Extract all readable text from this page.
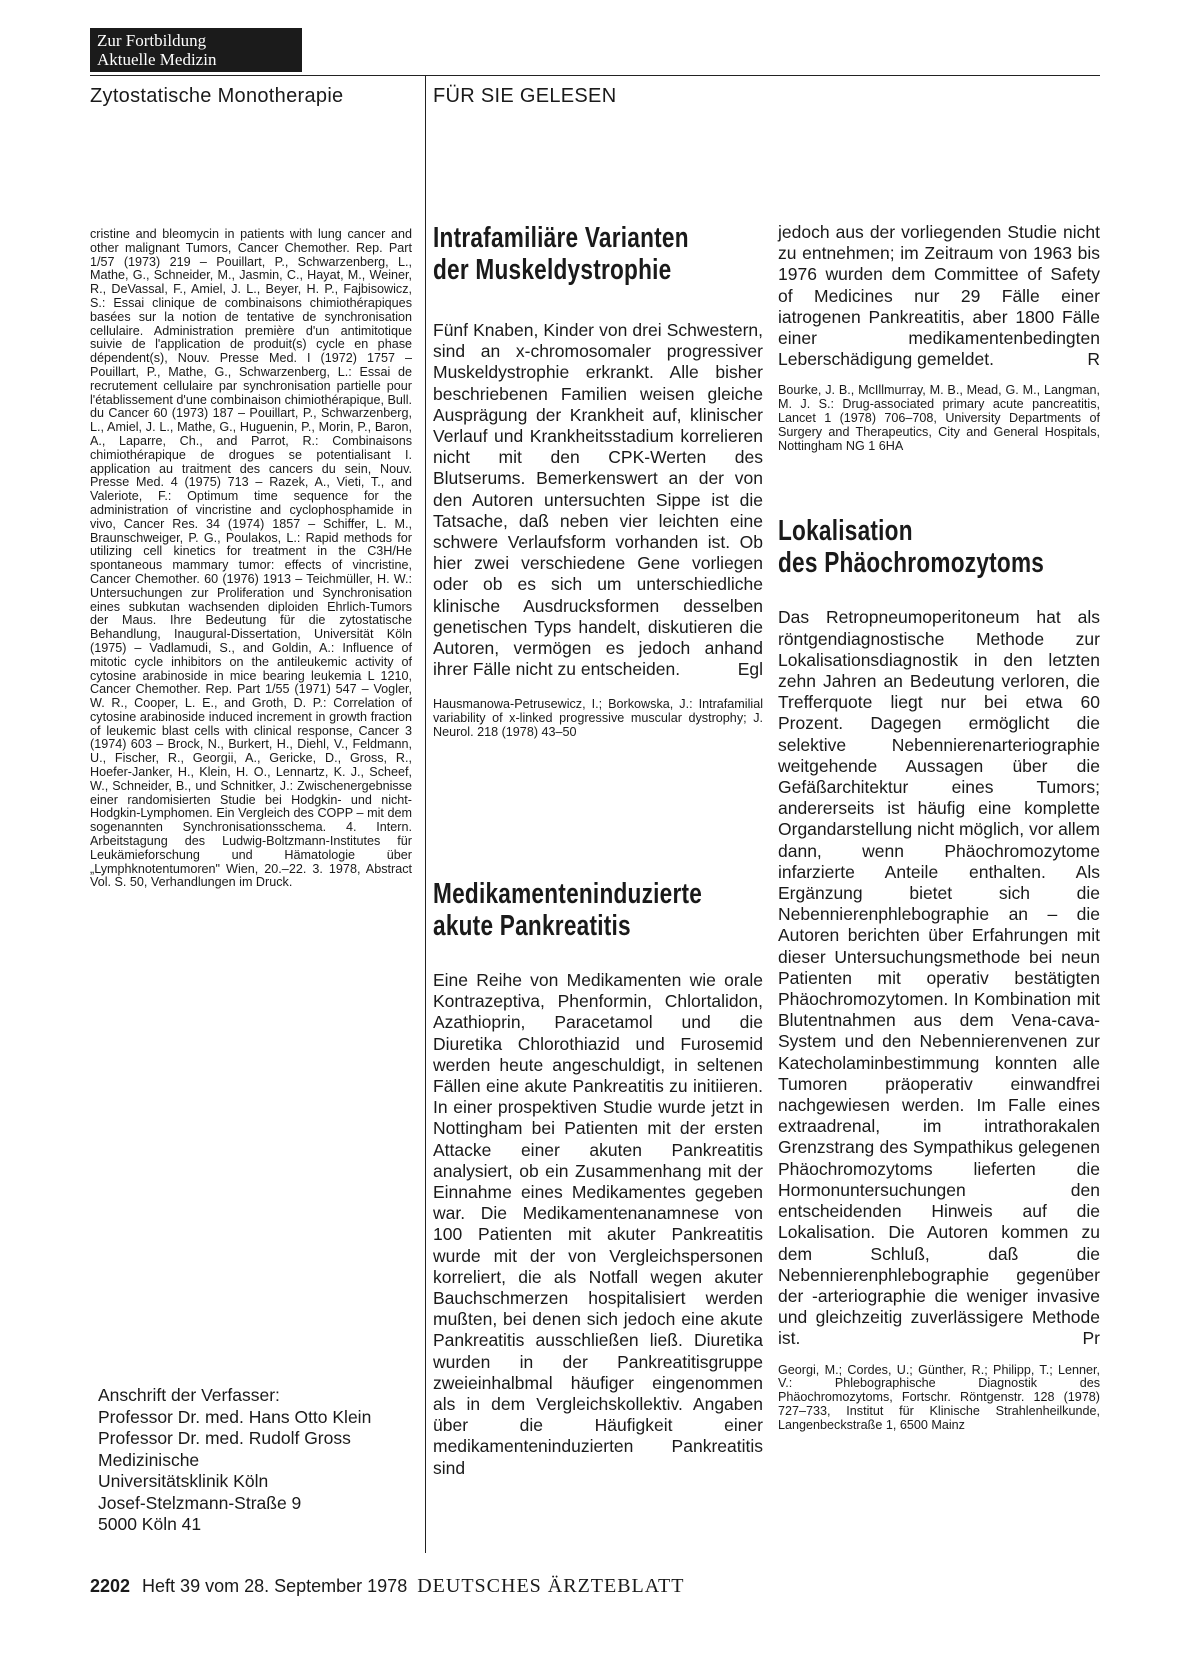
Zur Fortbildung
Aktuelle Medizin
Zytostatische Monotherapie	FÜR SIE GELESEN
cristine and bleomycin in patients with lung cancer and other malignant Tumors, Cancer Chemother. Rep. Part 1/57 (1973) 219 – Pouillart, P., Schwarzenberg, L., Mathe, G., Schneider, M., Jasmin, C., Hayat, M., Weiner, R., DeVassal, F., Amiel, J. L., Beyer, H. P., Fajbisowicz, S.: Essai clinique de combinaisons chimiothérapiques basées sur la notion de tentative de synchronisation cellulaire. Administration première d'un antimitotique suivie de l'application de produit(s) cycle en phase dépendent(s), Nouv. Presse Med. I (1972) 1757 – Pouillart, P., Mathe, G., Schwarzenberg, L.: Essai de recrutement cellulaire par synchronisation partielle pour l'établissement d'une combinaison chimiothérapique, Bull. du Cancer 60 (1973) 187 – Pouillart, P., Schwarzenberg, L., Amiel, J. L., Mathe, G., Huguenin, P., Morin, P., Baron, A., Laparre, Ch., and Parrot, R.: Combinaisons chimiothérapique de drogues se potentialisant I. application au traitment des cancers du sein, Nouv. Presse Med. 4 (1975) 713 – Razek, A., Vieti, T., and Valeriote, F.: Optimum time sequence for the administration of vincristine and cyclophosphamide in vivo, Cancer Res. 34 (1974) 1857 – Schiffer, L. M., Braunschweiger, P. G., Poulakos, L.: Rapid methods for utilizing cell kinetics for treatment in the C3H/He spontaneous mammary tumor: effects of vincristine, Cancer Chemother. 60 (1976) 1913 – Teichmüller, H. W.: Untersuchungen zur Proliferation und Synchronisation eines subkutan wachsenden diploiden Ehrlich-Tumors der Maus. Ihre Bedeutung für die zytostatische Behandlung, Inaugural-Dissertation, Universität Köln (1975) – Vadlamudi, S., and Goldin, A.: Influence of mitotic cycle inhibitors on the antileukemic activity of cytosine arabinoside in mice bearing leukemia L 1210, Cancer Chemother. Rep. Part 1/55 (1971) 547 – Vogler, W. R., Cooper, L. E., and Groth, D. P.: Correlation of cytosine arabinoside induced increment in growth fraction of leukemic blast cells with clinical response, Cancer 3 (1974) 603 – Brock, N., Burkert, H., Diehl, V., Feldmann, U., Fischer, R., Georgii, A., Gericke, D., Gross, R., Hoefer-Janker, H., Klein, H. O., Lennartz, K. J., Scheef, W., Schneider, B., und Schnitker, J.: Zwischenergebnisse einer randomisierten Studie bei Hodgkin- und nicht-Hodgkin-Lymphomen. Ein Vergleich des COPP – mit dem sogenannten Synchronisationsschema. 4. Intern. Arbeitstagung des Ludwig-Boltzmann-Institutes für Leukämieforschung und Hämatologie über „Lymphknotentumoren" Wien, 20.–22. 3. 1978, Abstract Vol. S. 50, Verhandlungen im Druck.
Anschrift der Verfasser:
Professor Dr. med. Hans Otto Klein
Professor Dr. med. Rudolf Gross
Medizinische
Universitätsklinik Köln
Josef-Stelzmann-Straße 9
5000 Köln 41
Intrafamiliäre Varianten
der Muskeldystrophie
Fünf Knaben, Kinder von drei Schwestern, sind an x-chromosomaler progressiver Muskeldystrophie erkrankt. Alle bisher beschriebenen Familien weisen gleiche Ausprägung der Krankheit auf, klinischer Verlauf und Krankheitsstadium korrelieren nicht mit den CPK-Werten des Blutserums. Bemerkenswert an der von den Autoren untersuchten Sippe ist die Tatsache, daß neben vier leichten eine schwere Verlaufsform vorhanden ist. Ob hier zwei verschiedene Gene vorliegen oder ob es sich um unterschiedliche klinische Ausdrucksformen desselben genetischen Typs handelt, diskutieren die Autoren, vermögen es jedoch anhand ihrer Fälle nicht zu entscheiden.	Egl
Hausmanowa-Petrusewicz, I.; Borkowska, J.: Intrafamilial variability of x-linked progressive muscular dystrophy; J. Neurol. 218 (1978) 43–50
Medikamenteninduzierte
akute Pankreatitis
Eine Reihe von Medikamenten wie orale Kontrazeptiva, Phenformin, Chlortalidon, Azathioprin, Paracetamol und die Diuretika Chlorothiazid und Furosemid werden heute angeschuldigt, in seltenen Fällen eine akute Pankreatitis zu initiieren. In einer prospektiven Studie wurde jetzt in Nottingham bei Patienten mit der ersten Attacke einer akuten Pankreatitis analysiert, ob ein Zusammenhang mit der Einnahme eines Medikamentes gegeben war. Die Medikamentenanamnese von 100 Patienten mit akuter Pankreatitis wurde mit der von Vergleichspersonen korreliert, die als Notfall wegen akuter Bauchschmerzen hospitalisiert werden mußten, bei denen sich jedoch eine akute Pankreatitis ausschließen ließ. Diuretika wurden in der Pankreatitisgruppe zweieinhalbmal häufiger eingenommen als in dem Vergleichskollektiv. Angaben über die Häufigkeit einer medikamenteninduzierten Pankreatitis sind
jedoch aus der vorliegenden Studie nicht zu entnehmen; im Zeitraum von 1963 bis 1976 wurden dem Committee of Safety of Medicines nur 29 Fälle einer iatrogenen Pankreatitis, aber 1800 Fälle einer medikamentenbedingten Leberschädigung gemeldet.	R
Bourke, J. B., McIllmurray, M. B., Mead, G. M., Langman, M. J. S.: Drug-associated primary acute pancreatitis, Lancet 1 (1978) 706–708, University Departments of Surgery and Therapeutics, City and General Hospitals, Nottingham NG 1 6HA
Lokalisation
des Phäochromozytoms
Das Retropneumoperitoneum hat als röntgendiagnostische Methode zur Lokalisationsdiagnostik in den letzten zehn Jahren an Bedeutung verloren, die Trefferquote liegt nur bei etwa 60 Prozent. Dagegen ermöglicht die selektive Nebennierenarteriographie weitgehende Aussagen über die Gefäßarchitektur eines Tumors; andererseits ist häufig eine komplette Organdarstellung nicht möglich, vor allem dann, wenn Phäochromozytome infarzierte Anteile enthalten. Als Ergänzung bietet sich die Nebennierenphlebographie an – die Autoren berichten über Erfahrungen mit dieser Untersuchungsmethode bei neun Patienten mit operativ bestätigten Phäochromozytomen. In Kombination mit Blutentnahmen aus dem Vena-cava-System und den Nebennierenvenen zur Katecholaminbestimmung konnten alle Tumoren präoperativ einwandfrei nachgewiesen werden. Im Falle eines extraadrenal, im intrathorakalen Grenzstrang des Sympathikus gelegenen Phäochromozytoms lieferten die Hormonuntersuchungen den entscheidenden Hinweis auf die Lokalisation. Die Autoren kommen zu dem Schluß, daß die Nebennierenphlebographie gegenüber der -arteriographie die weniger invasive und gleichzeitig zuverlässigere Methode ist.	Pr
Georgi, M.; Cordes, U.; Günther, R.; Philipp, T.; Lenner, V.: Phlebographische Diagnostik des Phäochromozytoms, Fortschr. Röntgenstr. 128 (1978) 727–733, Institut für Klinische Strahlenheilkunde, Langenbeckstraße 1, 6500 Mainz
2202 Heft 39 vom 28. September 1978 DEUTSCHES ÄRZTEBLATT
